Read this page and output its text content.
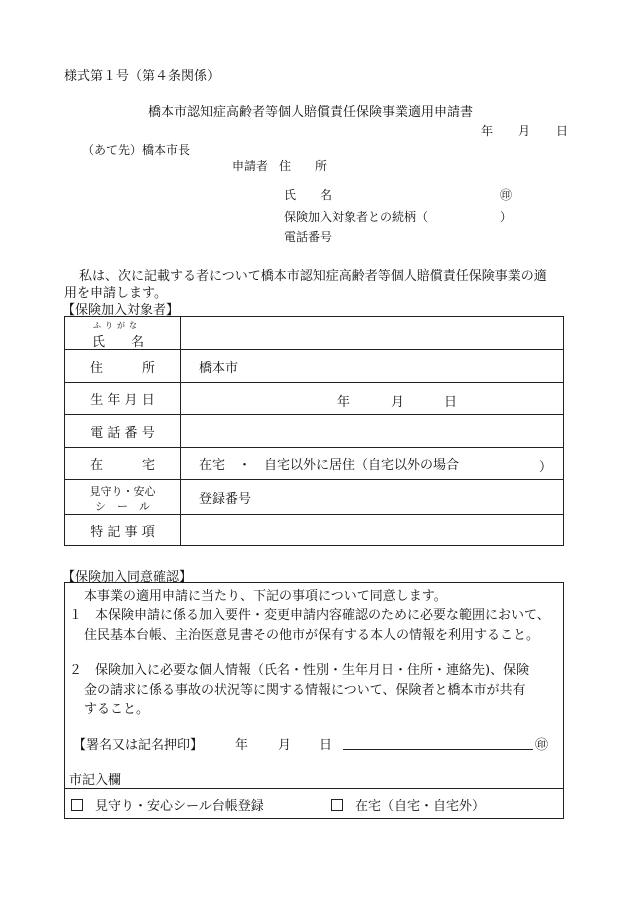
様式第１号（第４条関係）
橋本市認知症高齢者等個人賠償責任保険事業適用申請書
年 月 日
（あて先）橋本市長
申請者 住　　所
氏　　名	㊞
保険加入対象者との続柄（　　　　　　）
電話番号
私は、次に記載する者について橋本市認知症高齢者等個人賠償責任保険事業の適
用を申請します。
【保険加入対象者】
ふりがな
氏　　名
住　　　所	橋本市
生 年 月 日	年	月	日
電 話 番 号
在　　　宅	在宅　・　自宅以外に居住（自宅以外の場合	）
見守り・安心
シ　ー　ル	登録番号
特 記 事 項
【保険加入同意確認】
本事業の適用申請に当たり、下記の事項について同意します。
１　本保険申請に係る加入要件・変更申請内容確認のために必要な範囲において、
住民基本台帳、主治医意見書その他市が保有する本人の情報を利用すること。
２　保険加入に必要な個人情報（氏名・性別・生年月日・住所・連絡先)、保険
金の請求に係る事故の状況等に関する情報について、保険者と橋本市が共有
すること。
【署名又は記名押印】 年 月 日	㊞
市記入欄
見守り・安心シール台帳登録	在宅（自宅・自宅外）
